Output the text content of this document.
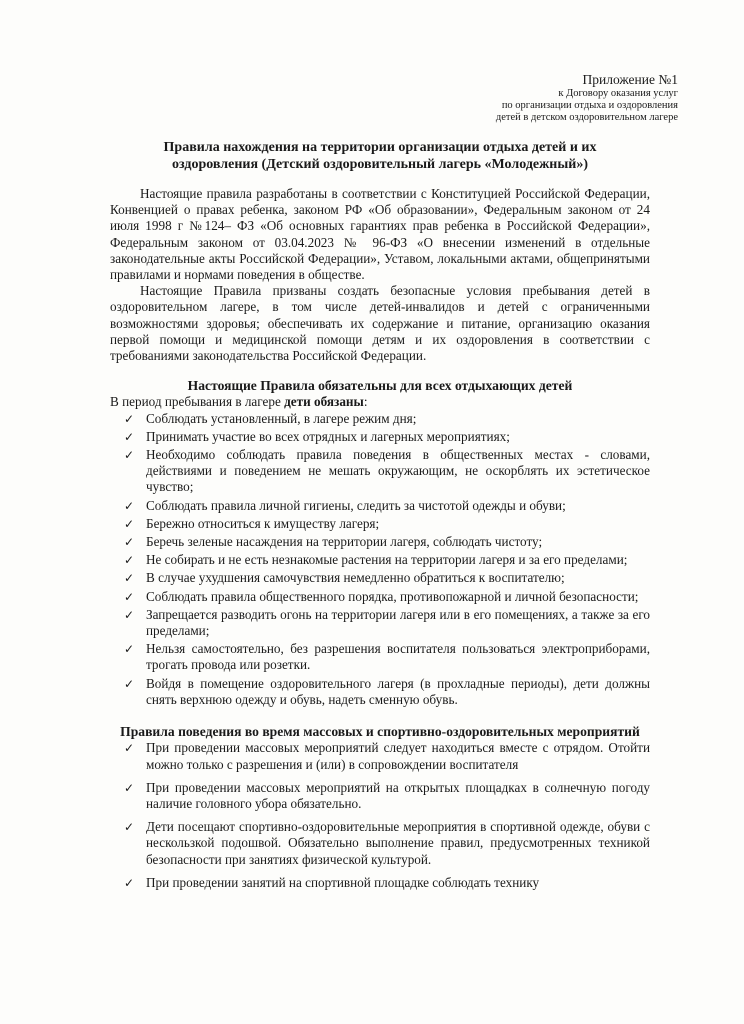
Приложение №1
к Договору оказания услуг
по организации отдыха и оздоровления
детей в детском оздоровительном лагере
Правила нахождения на территории организации отдыха детей и их оздоровления (Детский оздоровительный лагерь «Молодежный»)

Настоящие правила разработаны в соответствии с Конституцией Российской Федерации, Конвенцией о правах ребенка, законом РФ «Об образовании», Федеральным законом от 24 июля 1998 г №124– ФЗ «Об основных гарантиях прав ребенка в Российской Федерации», Федеральным законом от 03.04.2023 № 96-ФЗ «О внесении изменений в отдельные законодательные акты Российской Федерации», Уставом, локальными актами, общепринятыми правилами и нормами поведения в обществе.

Настоящие Правила призваны создать безопасные условия пребывания детей в оздоровительном лагере, в том числе детей-инвалидов и детей с ограниченными возможностями здоровья; обеспечивать их содержание и питание, организацию оказания первой помощи и медицинской помощи детям и их оздоровления в соответствии с требованиями законодательства Российской Федерации.

Настоящие Правила обязательны для всех отдыхающих детей

В период пребывания в лагере дети обязаны:

✓ Соблюдать установленный, в лагере режим дня;
✓ Принимать участие во всех отрядных и лагерных мероприятиях;
✓ Необходимо соблюдать правила поведения в общественных местах - словами, действиями и поведением не мешать окружающим, не оскорблять их эстетическое чувство;
✓ Соблюдать правила личной гигиены, следить за чистотой одежды и обуви;
✓ Бережно относиться к имуществу лагеря;
✓ Беречь зеленые насаждения на территории лагеря, соблюдать чистоту;
✓ Не собирать и не есть незнакомые растения на территории лагеря и за его пределами;
✓ В случае ухудшения самочувствия немедленно обратиться к воспитателю;
✓ Соблюдать правила общественного порядка, противопожарной и личной безопасности;
✓ Запрещается разводить огонь на территории лагеря или в его помещениях, а также за его пределами;
✓ Нельзя самостоятельно, без разрешения воспитателя пользоваться электроприборами, трогать провода или розетки.
✓ Войдя в помещение оздоровительного лагеря (в прохладные периоды), дети должны снять верхнюю одежду и обувь, надеть сменную обувь.
Правила поведения во время массовых и спортивно-оздоровительных мероприятий
✓ При проведении массовых мероприятий следует находиться вместе с отрядом. Отойти можно только с разрешения и (или) в сопровождении воспитателя
✓ При проведении массовых мероприятий на открытых площадках в солнечную погоду наличие головного убора обязательно.
✓ Дети посещают спортивно-оздоровительные мероприятия в спортивной одежде, обуви с нескользкой подошвой. Обязательно выполнение правил, предусмотренных техникой безопасности при занятиях физической культурой.
✓ При проведении занятий на спортивной площадке соблюдать технику
